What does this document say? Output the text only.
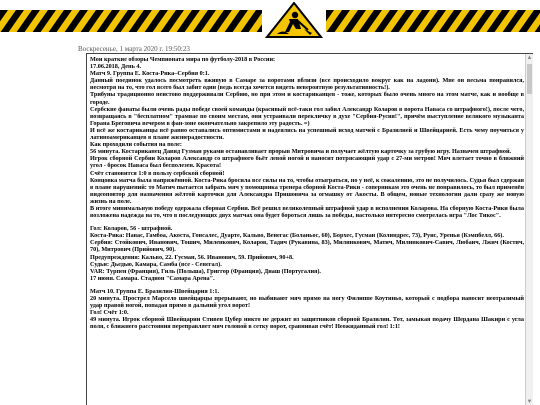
Воскресенье, 1 марта 2020 г. 19:50:23

Мои краткие обзоры Чемпионата мира по футболу-2018 в России:

17.06.2018, День 4.

Матч 9. Группа E. Коста-Рика–Сербия 0:1.

Данный поединок удалось посмотреть вживую в Самаре за воротами вблизи (все происходило вокруг как на ладони). Мне он весьма понравился, несмотря на то, что гол всего был забит один (ведь всегда хочется видеть невероятную результативность!).

Трибуны традиционно неистово поддерживали Сербию, но при этом и костариканцев - тоже, которых было очень много на этом матче, как и вообще в городе.

Сербские фанаты были очень рады победе своей команды (красивый всё-таки гол забил Александр Коларов в ворота Наваса со штрафного!), после чего, возвращаясь в "бесплатном" трамвае по своим местам, они устраивали перекличку в духе "Сербия-Русия!", причём выступление великого музыканта Горана Бреговича вечером в фан-зоне окончательно закрепило эту радость. =)

И всё же костариканцы всё равно оставались оптимистами и надеялись на успешный исход матчей с Бразилией и Швейцарией. Есть чему поучиться у латиноамериканцев в плане жизнерадостности.

Как проходили события на поле:

56 минута. Костариканец Давид Гузман руками останавливает прорыв Митровича и получает жёлтую карточку за грубую игру. Назначен штрафной.

Игрок сборной Сербии Коларов Александр со штрафного бьёт левой ногой и наносит потрясающий удар с 27-ми метров! Мяч влетает точно в ближний угол - бросок Наваса был бесполезен. Красота!

Счёт становится 1:0 в пользу сербской сборной!

Концовка матча была напряжённой. Коста-Рика бросила все силы на то, чтобы отыграться, но у неё, к сожалению, это не получилось. Судья был сдержан в плане нарушений: то Матич пытается забрать мяч у помощника тренера сборной Коста-Рики - соперникам это очень не понравилось, то был применён видеоповтор для назначения жёлтой карточки для Александра Пришовича за огмашку от Акосты. В общем, новые технологии дали сразу же новую жизнь на поле.

В итоге минимальную победу одержала сборная Сербии. Всё решил великолепный штрафной удар в исполнении Коларова. На сборную Коста-Рики была возложена надежда на то, что в последующих двух матчах она будет бороться лишь за победы, настолько интересно смотрелась игра "Лос Тикос".

Гол: Коларов, 56 - штрафной.

Коста-Рика: Навас, Гамбоа, Акоста, Гонсалес, Дуарте, Кальво, Венегас (Боланьос, 60), Борхес, Гусман (Колиндрес, 73), Руис, Уренья (Кэмпбелл, 66).

Сербия: Стойкович, Иванович, Тошич, Миленкович, Коларов, Тадич (Рукавина, 83), Милинкович, Матич, Милинкович-Савич, Любаич, Лжич (Костич, 70), Митрович (Прийович, 90).

Предупреждения: Кальво, 22. Гусман, 56. Иванович, 59. Прийович, 90+8.

Судьи: Дьедью, Камара, Самба (все - Сенегал).

VAR: Турпен (Франция), Гиль (Польша), Григгор (Франция), Диаш (Португалия).

17 июня. Самара. Стадион "Самара Арена".

Матч 10. Группа E. Бразилия-Швейцария 1:1.

20 минута. Прострел Марсело швейцарцы прерывают, но выбивают мяч прямо на ногу Филиппе Коутиньо, который с подбора наносит неотразимый удар правой ногой, попадая прямо в дальний угол ворот!

Гол! Счёт 1:0.

49 минута. Игрок сборной Швейцарии Стивен Цубер никто не держит из защитников сборной Бразилии. Тот, замыкая подачу Шердана Шакири с угла поля, с ближнего расстояния переправляет мяч головой в сетку ворот, сравнивая счёт! Неожиданный гол! 1:1!

▲
▼
